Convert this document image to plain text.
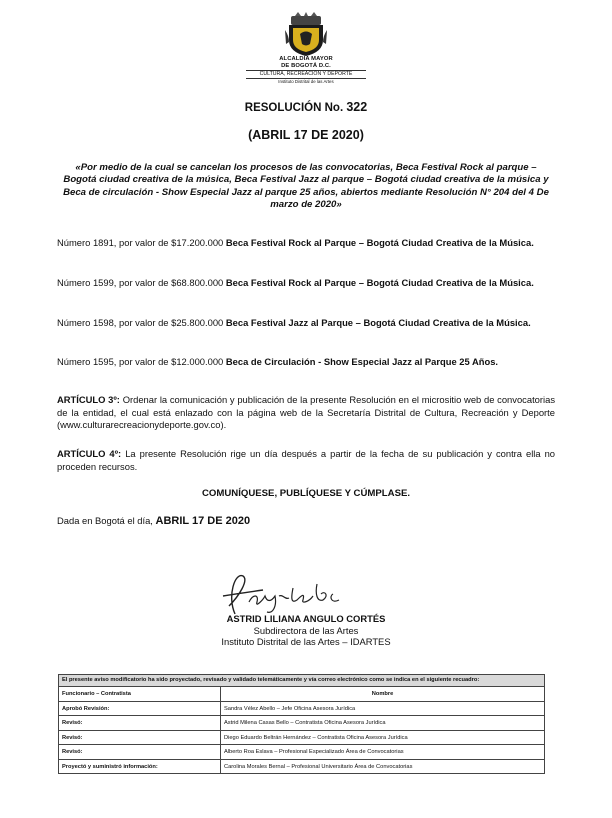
ALCALDÍA MAYOR
DE BOGOTÁ D.C.
CULTURA, RECREACIÓN Y DEPORTE
Instituto Distrital de las Artes
RESOLUCIÓN No. 322
(ABRIL 17 DE 2020)
«Por medio de la cual se cancelan los procesos de las convocatorias, Beca Festival Rock al parque – Bogotá ciudad creativa de la música, Beca Festival Jazz al parque – Bogotá ciudad creativa de la música y Beca de circulación - Show Especial Jazz al parque 25 años, abiertos mediante Resolución N° 204 del 4 De marzo de 2020»
Número 1891, por valor de $17.200.000 Beca Festival Rock al Parque – Bogotá Ciudad Creativa de la Música.
Número 1599, por valor de $68.800.000 Beca Festival Rock al Parque – Bogotá Ciudad Creativa de la Música.
Número 1598, por valor de $25.800.000 Beca Festival Jazz al Parque – Bogotá Ciudad Creativa de la Música.
Número 1595, por valor de $12.000.000 Beca de Circulación - Show Especial Jazz al Parque 25 Años.
ARTÍCULO 3º: Ordenar la comunicación y publicación de la presente Resolución en el micrositio web de convocatorias de la entidad, el cual está enlazado con la página web de la Secretaría Distrital de Cultura, Recreación y Deporte (www.culturarecreacionydeporte.gov.co).
ARTÍCULO 4º: La presente Resolución rige un día después a partir de la fecha de su publicación y contra ella no proceden recursos.
COMUNÍQUESE, PUBLÍQUESE Y CÚMPLASE.
Dada en Bogotá el día, ABRIL 17 DE 2020
ASTRID LILIANA ANGULO CORTÉS
Subdirectora de las Artes
Instituto Distrital de las Artes – IDARTES
El presente aviso modificatorio ha sido proyectado, revisado y validado telemáticamente y vía correo electrónico como se indica en el siguiente recuadro:	
Funcionario – Contratista	Nombre
Aprobó Revisión:	Sandra Vélez Abello – Jefe Oficina Asesora Jurídica
Revisó:	Astrid Milena Casas Bello – Contratista Oficina Asesora Jurídica
Revisó:	Diego Eduardo Beltrán Hernández – Contratista Oficina Asesora Jurídica
Revisó:	Alberto Roa Eslava – Profesional Especializado Área de Convocatorias
Proyectó y suministró información:	Carolina Morales Bernal – Profesional Universitario Área de Convocatorias
